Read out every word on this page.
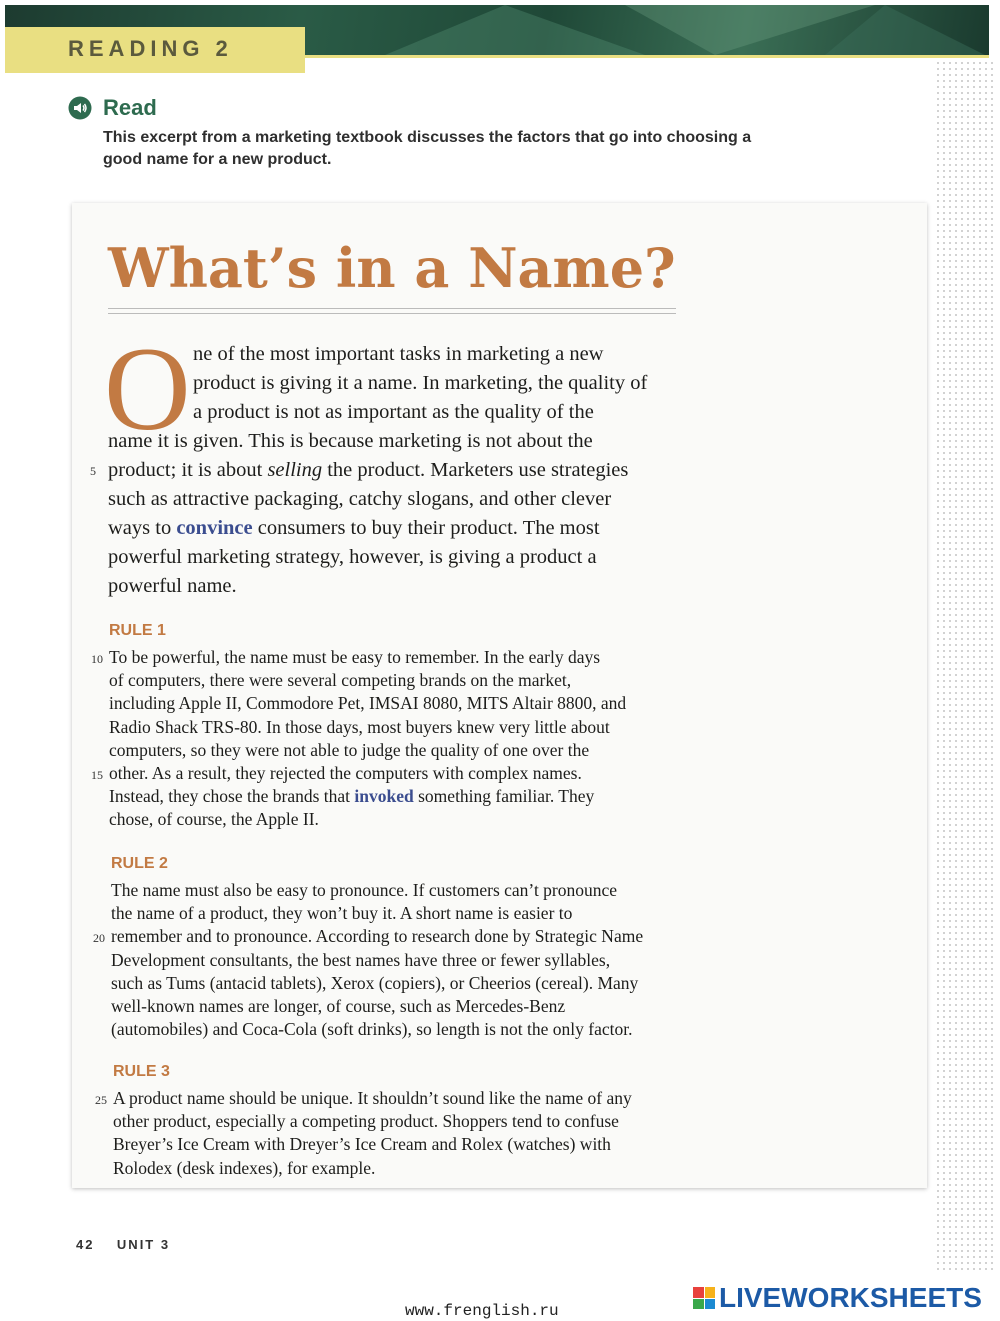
READING 2
Read
This excerpt from a marketing textbook discusses the factors that go into choosing a
good name for a new product.
What’s in a Name?
O ne of the most important tasks in marketing a new
product is giving it a name. In marketing, the quality of
a product is not as important as the quality of the
name it is given. This is because marketing is not about the
product; it is about selling the product. Marketers use strategies
5
such as attractive packaging, catchy slogans, and other clever
ways to convince consumers to buy their product. The most
powerful marketing strategy, however, is giving a product a
powerful name.
RULE 1
To be powerful, the name must be easy to remember. In the early days
10
of computers, there were several competing brands on the market,
including Apple II, Commodore Pet, IMSAI 8080, MITS Altair 8800, and
Radio Shack TRS-80. In those days, most buyers knew very little about
computers, so they were not able to judge the quality of one over the
other. As a result, they rejected the computers with complex names.
15
Instead, they chose the brands that invoked something familiar. They
chose, of course, the Apple II.
RULE 2
The name must also be easy to pronounce. If customers can’t pronounce
the name of a product, they won’t buy it. A short name is easier to
remember and to pronounce. According to research done by Strategic Name
20
Development consultants, the best names have three or fewer syllables,
such as Tums (antacid tablets), Xerox (copiers), or Cheerios (cereal). Many
well-known names are longer, of course, such as Mercedes-Benz
(automobiles) and Coca-Cola (soft drinks), so length is not the only factor.
RULE 3
A product name should be unique. It shouldn’t sound like the name of any
25
other product, especially a competing product. Shoppers tend to confuse
Breyer’s Ice Cream with Dreyer’s Ice Cream and Rolex (watches) with
Rolodex (desk indexes), for example.
42 UNIT 3
www.frenglish.ru	LIVEWORKSHEETS
